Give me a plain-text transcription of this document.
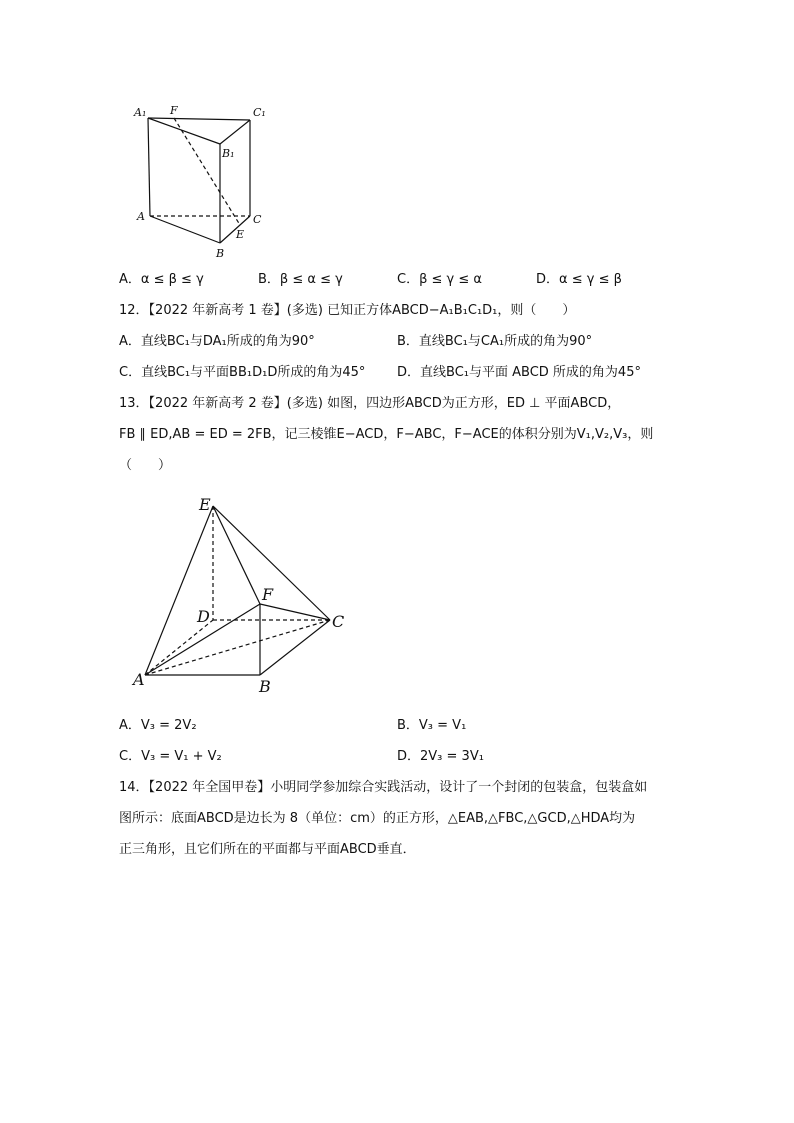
A₁ F	C₁
B₁
A	C
E
B
A．α ≤ β ≤ γ	B．β ≤ α ≤ γ	C．β ≤ γ ≤ α	D．α ≤ γ ≤ β
12．【2022 年新高考 1 卷】(多选) 已知正方体ABCD−A₁B₁C₁D₁，则（　　）
A．直线BC₁与DA₁所成的角为90°	B．直线BC₁与CA₁所成的角为90°
C．直线BC₁与平面BB₁D₁D所成的角为45° D．直线BC₁与平面 ABCD 所成的角为45°
13．【2022 年新高考 2 卷】(多选) 如图，四边形ABCD为正方形，ED ⊥ 平面ABCD，
FB ∥ ED,AB = ED = 2FB，记三棱锥E−ACD，F−ABC，F−ACE的体积分别为V₁,V₂,V₃，则
（　　）
E
F
D	C
A	B
A．V₃ = 2V₂	B．V₃ = V₁
C．V₃ = V₁ + V₂	D．2V₃ = 3V₁
14．【2022 年全国甲卷】小明同学参加综合实践活动，设计了一个封闭的包装盒，包装盒如
图所示：底面ABCD是边长为 8（单位：cm）的正方形，△EAB,△FBC,△GCD,△HDA均为
正三角形，且它们所在的平面都与平面ABCD垂直．
